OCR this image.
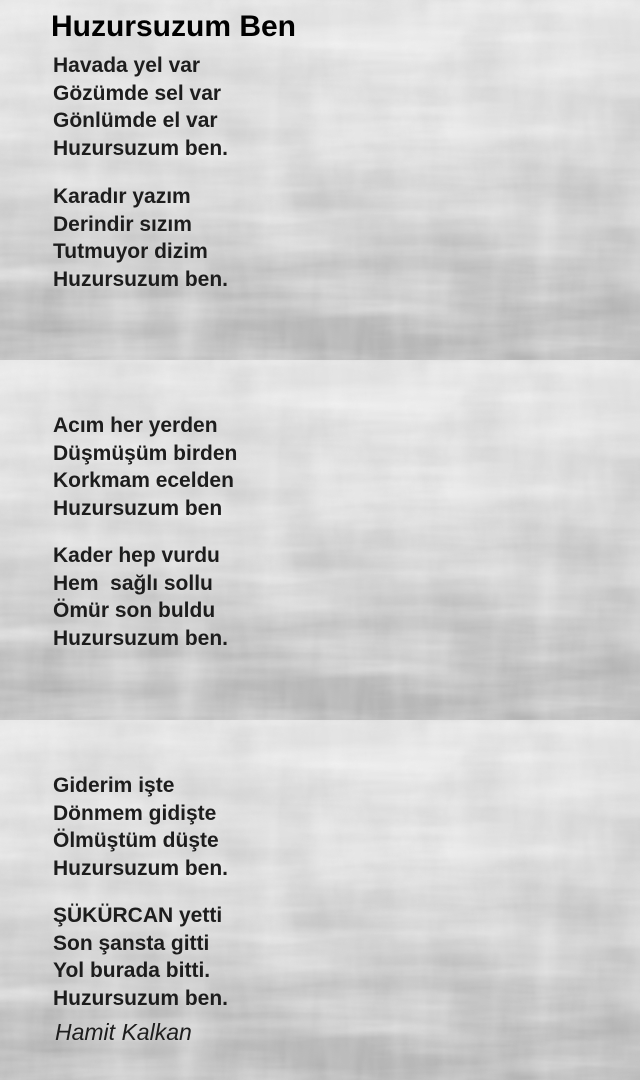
Huzursuzum Ben
Havada yel var
Gözümde sel var
Gönlümde el var
Huzursuzum ben.
Karadır yazım
Derindir sızım
Tutmuyor dizim
Huzursuzum ben.
Acım her yerden
Düşmüşüm birden
Korkmam ecelden
Huzursuzum ben
Kader hep vurdu
Hem  sağlı sollu
Ömür son buldu
Huzursuzum ben.
Giderim işte
Dönmem gidişte
Ölmüştüm düşte
Huzursuzum ben.
ŞÜKÜRCAN yetti
Son şansta gitti
Yol burada bitti.
Huzursuzum ben.
Hamit Kalkan
